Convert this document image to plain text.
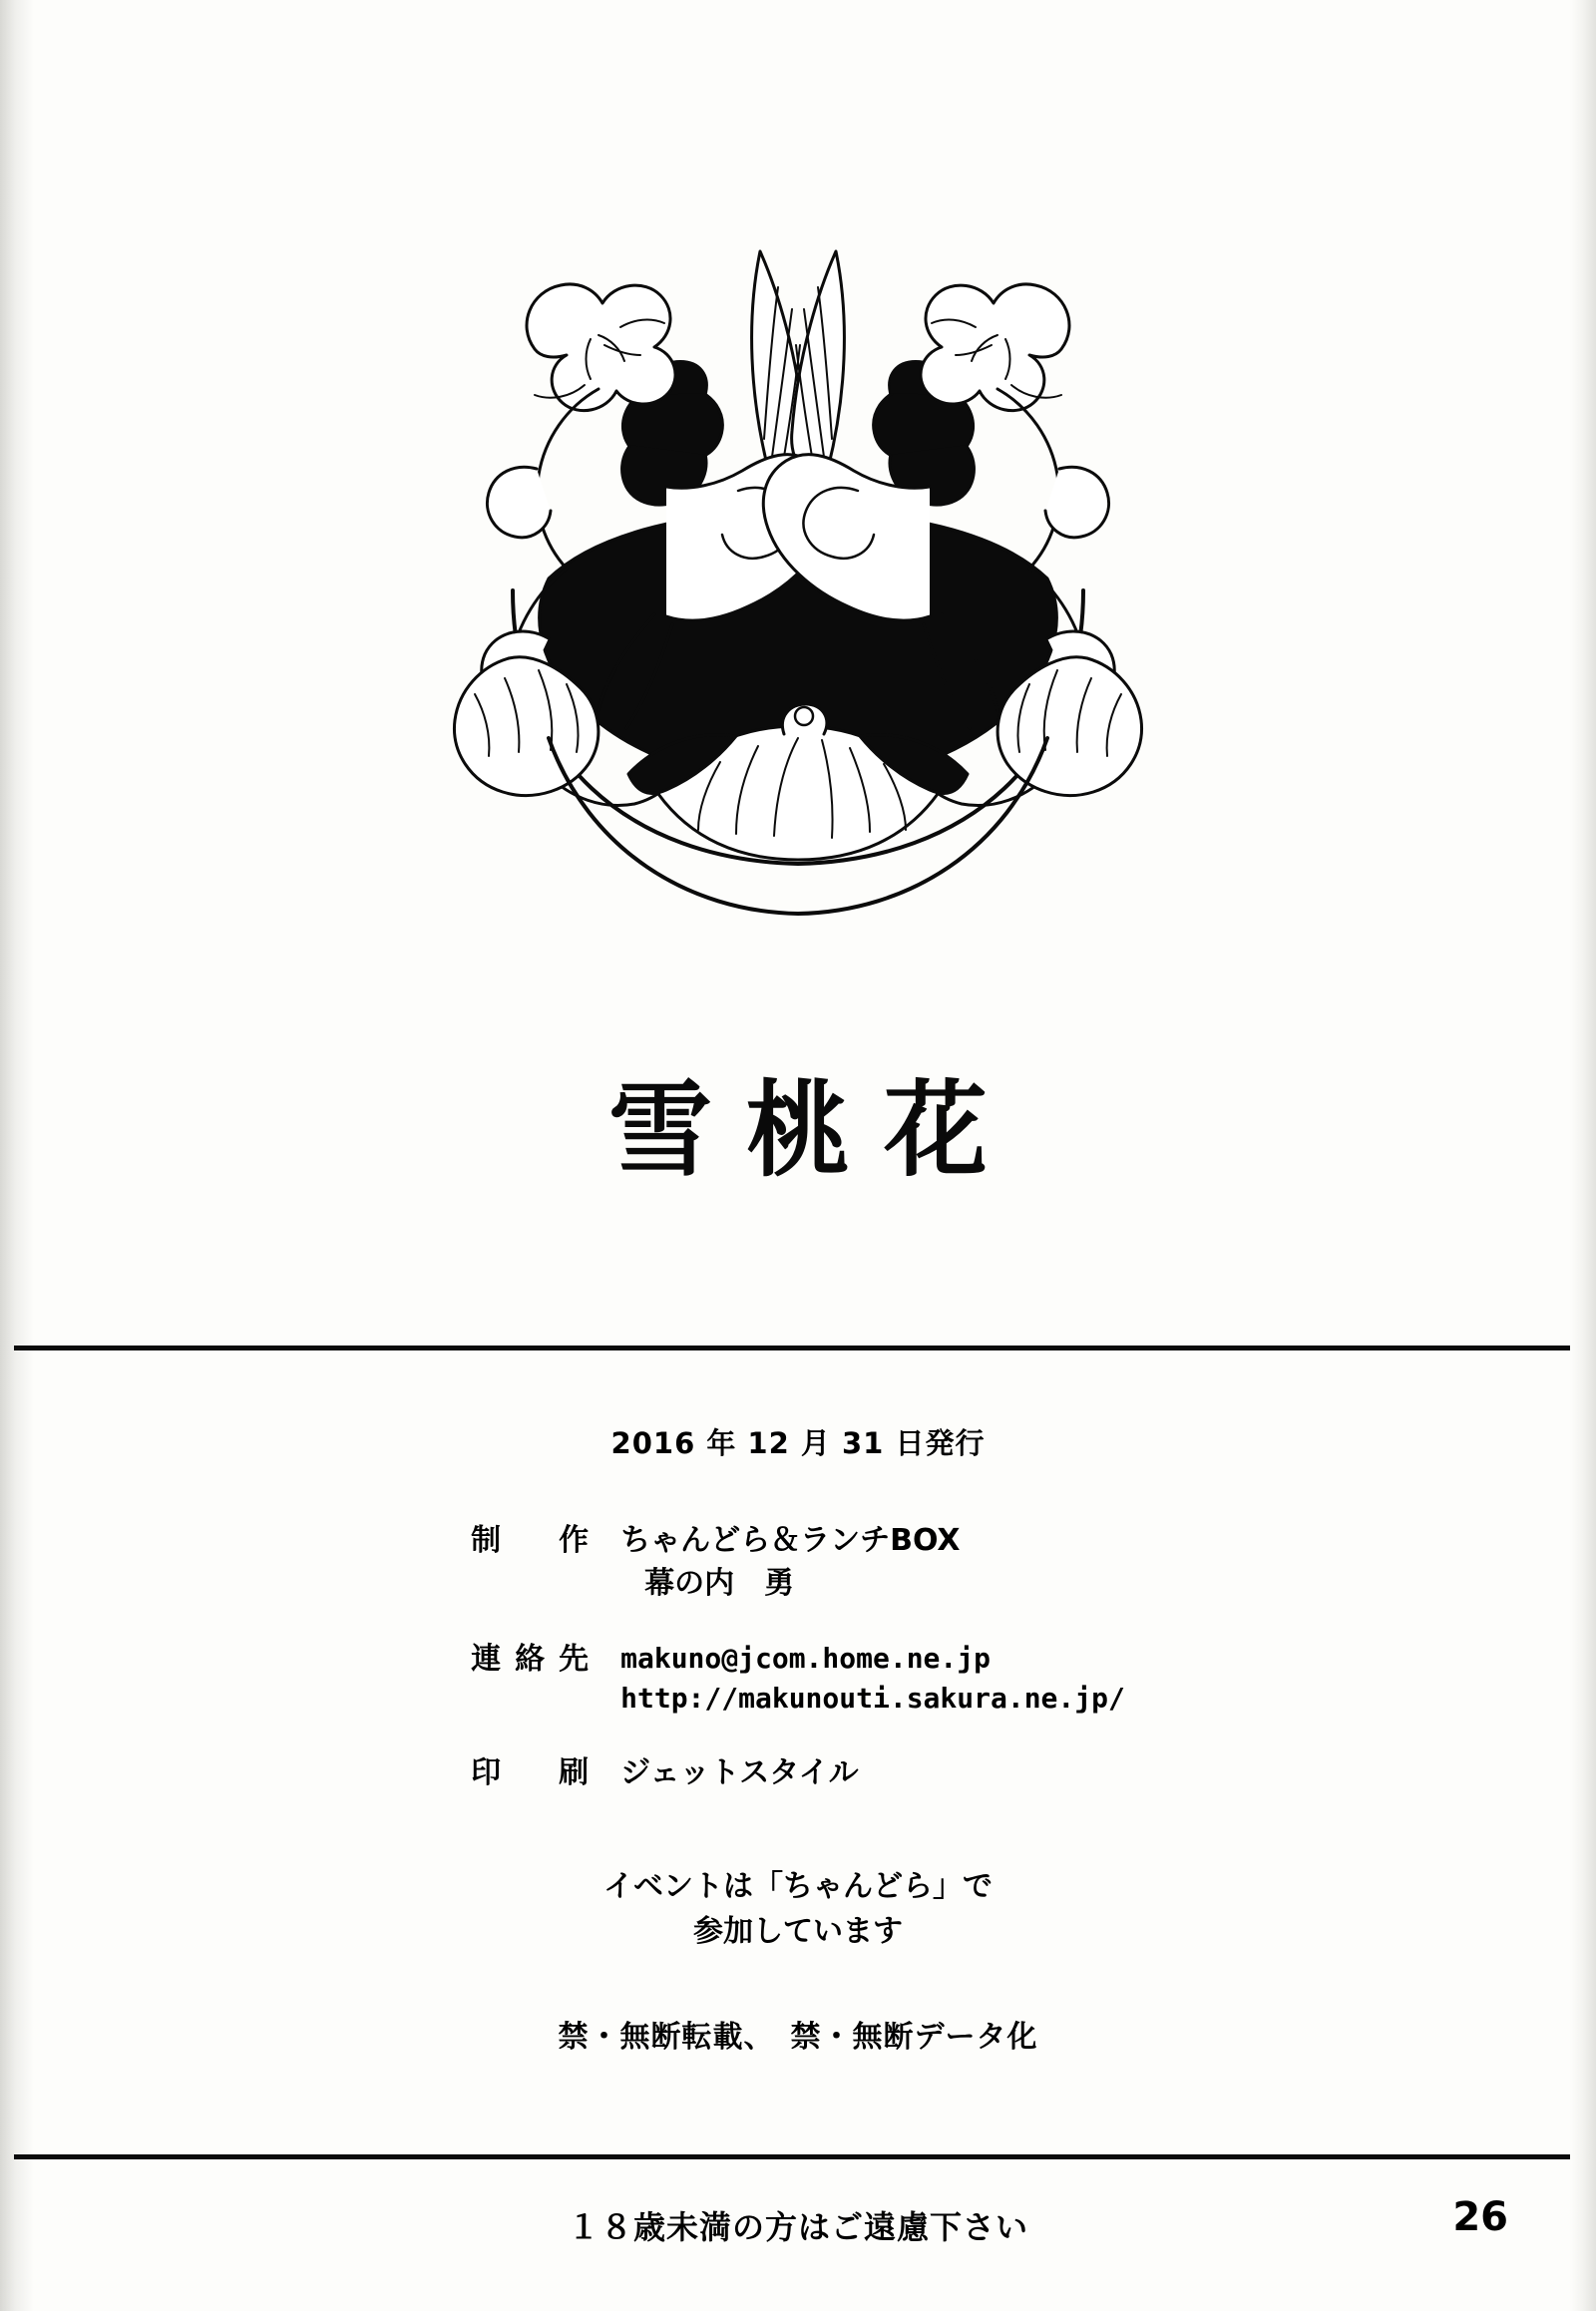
雪桃花
2016 年 12 月 31 日発行
制　作 ちゃんどら＆ランチBOX
幕の内　勇
連絡先 makuno@jcom.home.ne.jp
http://makunouti.sakura.ne.jp/
印　刷 ジェットスタイル
イベントは「ちゃんどら」で
参加しています
禁・無断転載、　禁・無断データ化
１８歳未満の方はご遠慮下さい	26
